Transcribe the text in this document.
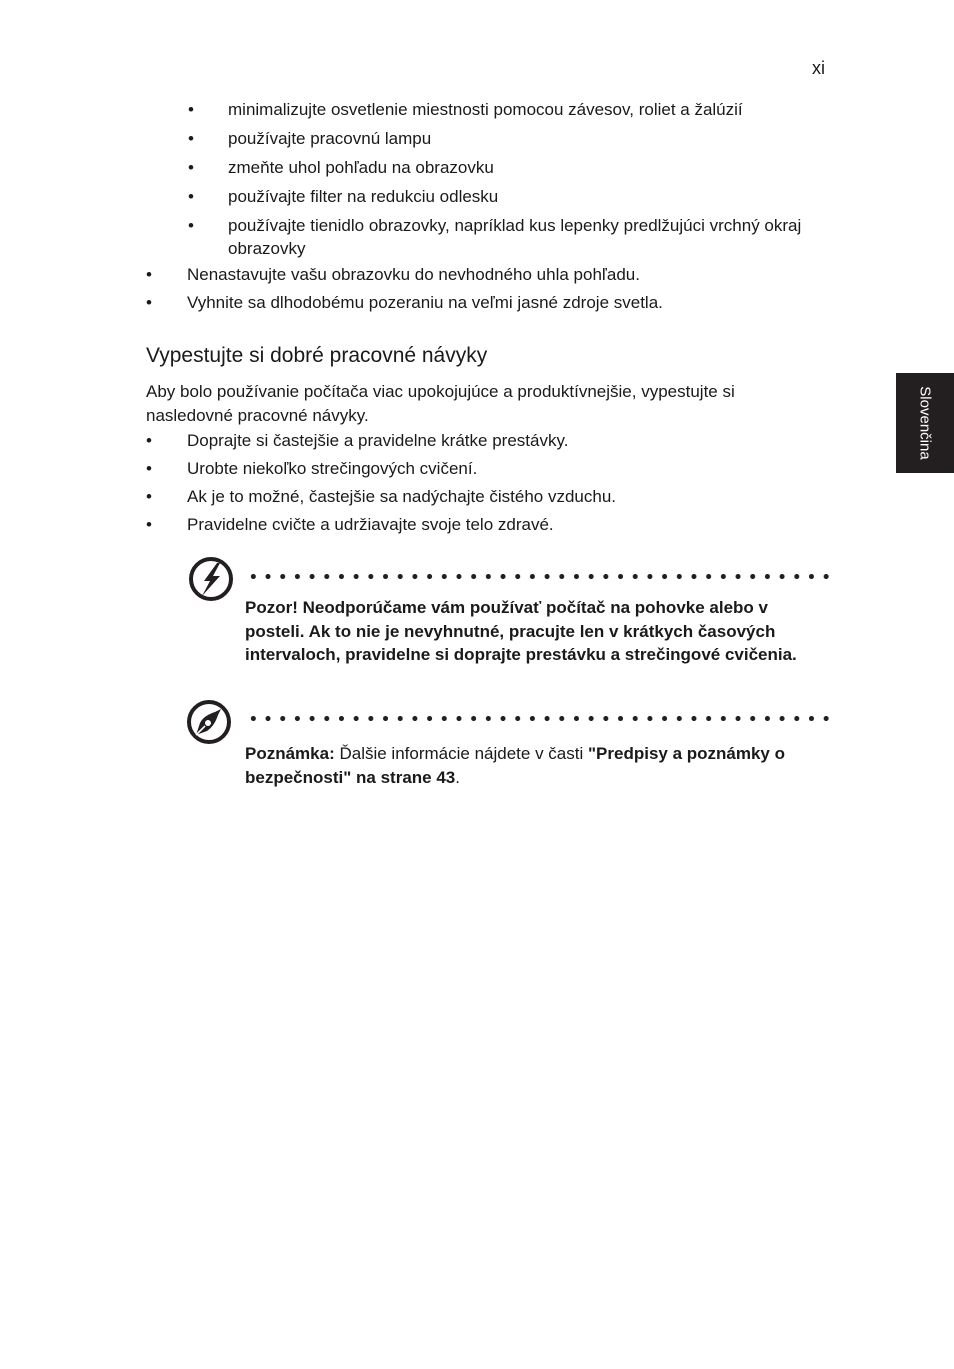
xi
Slovenčina
• minimalizujte osvetlenie miestnosti pomocou závesov, roliet a žalúzií
• používajte pracovnú lampu
• zmeňte uhol pohľadu na obrazovku
• používajte filter na redukciu odlesku
• používajte tienidlo obrazovky, napríklad kus lepenky predlžujúci vrchný okraj obrazovky
• Nenastavujte vašu obrazovku do nevhodného uhla pohľadu.
• Vyhnite sa dlhodobému pozeraniu na veľmi jasné zdroje svetla.
Vypestujte si dobré pracovné návyky

Aby bolo používanie počítača viac upokojujúce a produktívnejšie, vypestujte si nasledovné pracovné návyky.

• Doprajte si častejšie a pravidelne krátke prestávky.
• Urobte niekoľko strečingových cvičení.
• Ak je to možné, častejšie sa nadýchajte čistého vzduchu.
• Pravidelne cvičte a udržiavajte svoje telo zdravé.

Pozor! Neodporúčame vám používať počítač na pohovke alebo v posteli. Ak to nie je nevyhnutné, pracujte len v krátkych časových intervaloch, pravidelne si doprajte prestávku a strečingové cvičenia.

Poznámka: Ďalšie informácie nájdete v časti "Predpisy a poznámky o bezpečnosti" na strane 43.
